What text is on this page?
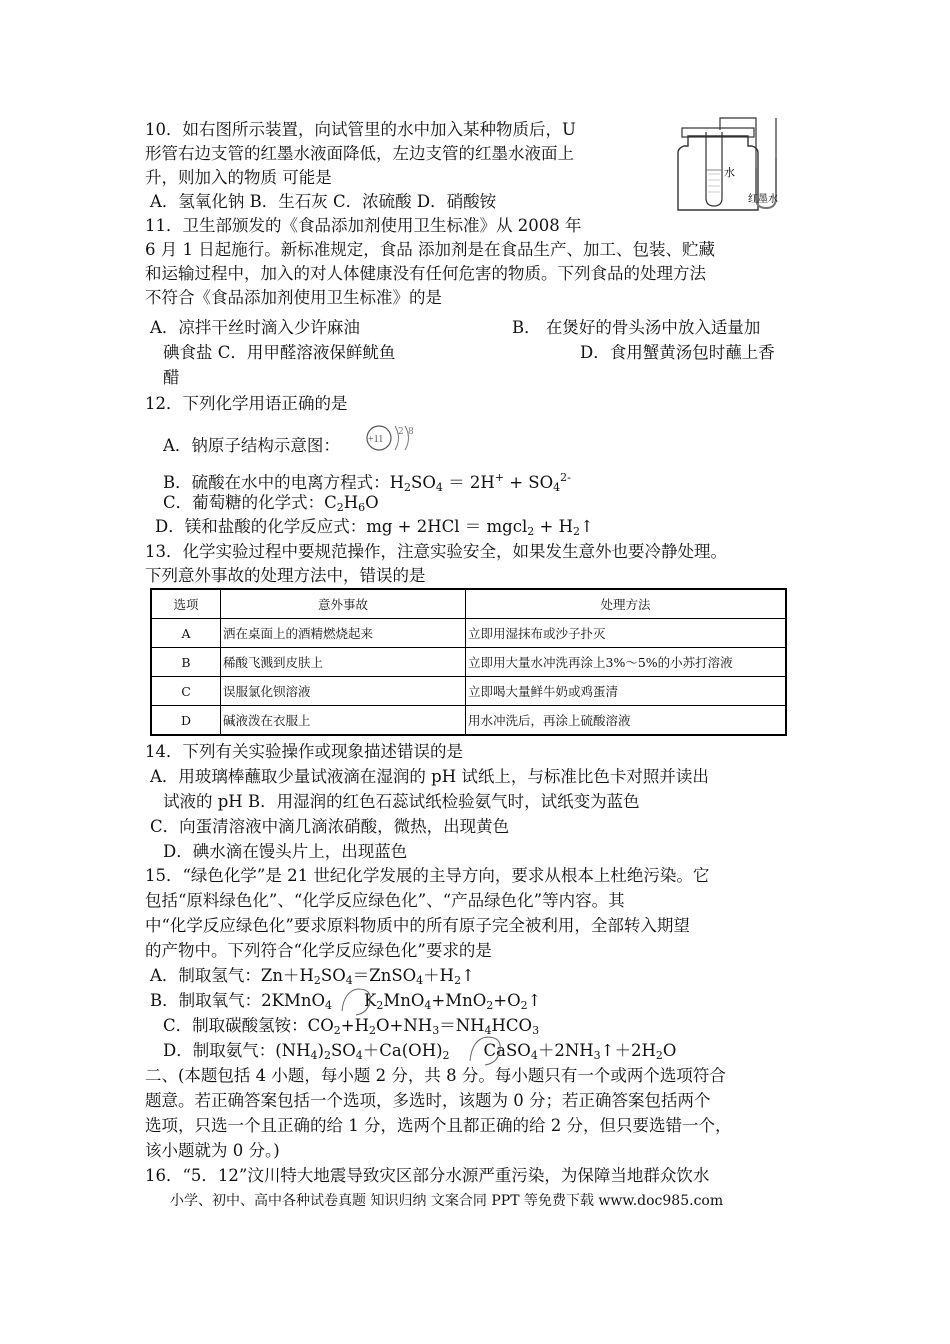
10．如右图所示装置，向试管里的水中加入某种物质后，U
形管右边支管的红墨水液面降低，左边支管的红墨水液面上
升，则加入的物质 可能是
A．氢氧化钠 B．生石灰 C．浓硫酸 D．硝酸铵
水
红墨水
11．卫生部颁发的《食品添加剂使用卫生标准》从 2008 年
6 月 1 日起施行。新标准规定，食品 添加剂是在食品生产、加工、包装、贮藏
和运输过程中，加入的对人体健康没有任何危害的物质。下列食品的处理方法
不符合《食品添加剂使用卫生标准》的是
A．凉拌干丝时滴入少许麻油	B． 在煲好的骨头汤中放入适量加
碘食盐 C．用甲醛溶液保鲜鱿鱼	D．食用蟹黄汤包时蘸上香
醋
12．下列化学用语正确的是
A．钠原子结构示意图：	+11
2 8
B．硫酸在水中的电离方程式：$H_2SO_4 = 2H^+ + SO_4^{2-}$
C．葡萄糖的化学式：$C_2H_6O$
D．镁和盐酸的化学反应式：mg + 2HCl ＝ mgcl$_2$ + $H_2↑$
13．化学实验过程中要规范操作，注意实验安全，如果发生意外也要冷静处理。
下列意外事故的处理方法中，错误的是
选项	意外事故	处理方法
A	洒在桌面上的酒精燃烧起来	立即用湿抹布或沙子扑灭
B	稀酸飞溅到皮肤上	立即用大量水冲洗再涂上3%～5%的小苏打溶液
C	误服氯化钡溶液	立即喝大量鲜牛奶或鸡蛋清
D	碱液泼在衣服上	用水冲洗后，再涂上硫酸溶液
14．下列有关实验操作或现象描述错误的是
A．用玻璃棒蘸取少量试液滴在湿润的 pH 试纸上，与标准比色卡对照并读出
试液的 pH B．用湿润的红色石蕊试纸检验氨气时，试纸变为蓝色
C．向蛋清溶液中滴几滴浓硝酸，微热，出现黄色
D．碘水滴在馒头片上，出现蓝色
15．“绿色化学”是 21 世纪化学发展的主导方向，要求从根本上杜绝污染。它
包括“原料绿色化”、“化学反应绿色化”、“产品绿色化”等内容。其
中“化学反应绿色化”要求原料物质中的所有原子完全被利用，全部转入期望
的产物中。下列符合“化学反应绿色化”要求的是
A．制取氢气：$Zn+H_2SO_4=ZnSO_4+H_2↑$
B．制取氧气：2KMnO$_4$ $K_2MnO_4+MnO_2+O_2↑$
C．制取碳酸氢铵：$CO_2+H_2O+NH_3=NH_4HCO_3$
D．制取氨气：$(NH_4)_2SO_4+Ca(OH)_2$ $CaSO_4+2NH_3↑+2H_2O$
二、(本题包括 4 小题，每小题 2 分，共 8 分。每小题只有一个或两个选项符合
题意。若正确答案包括一个选项，多选时，该题为 0 分；若正确答案包括两个
选项，只选一个且正确的给 1 分，选两个且都正确的给 2 分，但只要选错一个，
该小题就为 0 分。)
16．“5．12”汶川特大地震导致灾区部分水源严重污染，为保障当地群众饮水
小学、初中、高中各种试卷真题 知识归纳 文案合同 PPT 等免费下载 www.doc985.com
